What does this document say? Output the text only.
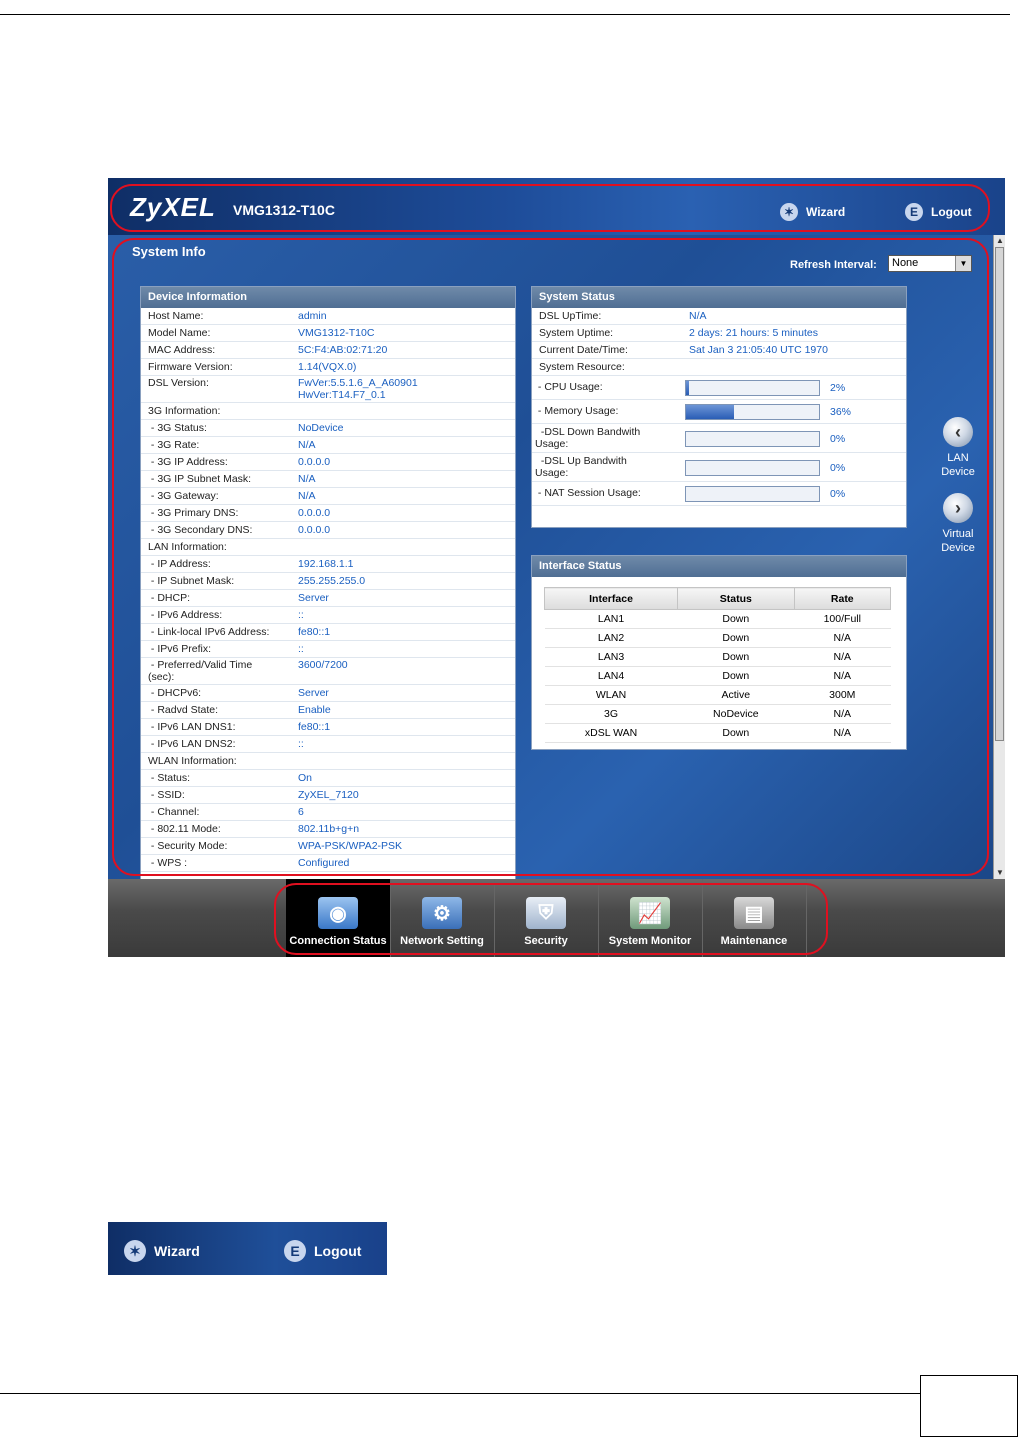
ZyXEL VMG1312-T10C	✶ Wizard	E	Logout
System Info
Refresh Interval: None	▼
Device Information
Host Name:	admin
Model Name:	VMG1312-T10C
MAC Address:	5C:F4:AB:02:71:20
Firmware Version:	1.14(VQX.0)
DSL Version:	FwVer:5.5.1.6_A_A60901
HwVer:T14.F7_0.1
3G Information:
- 3G Status:	NoDevice
- 3G Rate:	N/A
- 3G IP Address:	0.0.0.0
- 3G IP Subnet Mask:	N/A
- 3G Gateway:	N/A
- 3G Primary DNS:	0.0.0.0
- 3G Secondary DNS:	0.0.0.0
LAN Information:
- IP Address:	192.168.1.1
- IP Subnet Mask:	255.255.255.0
- DHCP:	Server
- IPv6 Address:	::
- Link-local IPv6 Address:	fe80::1
- IPv6 Prefix:	::
- Preferred/Valid Time
(sec):
3600/7200
- DHCPv6:	Server
- Radvd State:	Enable
- IPv6 LAN DNS1:	fe80::1
- IPv6 LAN DNS2:	::
WLAN Information:
- Status:	On
- SSID:	ZyXEL_7120
- Channel:	6
- 802.11 Mode:	802.11b+g+n
- Security Mode:	WPA-PSK/WPA2-PSK
- WPS :	Configured
System Status
DSL UpTime:	N/A
System Uptime:	2 days: 21 hours: 5 minutes
Current Date/Time:	Sat Jan 3 21:05:40 UTC 1970
System Resource:
- CPU Usage:	2%
- Memory Usage:	36%
-DSL Down Bandwith
Usage:	0%
-DSL Up Bandwith
Usage:	0%
- NAT Session Usage:	0%
Interface Status
Interface	Status	Rate
LAN1	Down	100/Full
LAN2	Down	N/A
LAN3	Down	N/A
LAN4	Down	N/A
WLAN	Active	300M
3G	NoDevice	N/A
xDSL WAN	Down	N/A
‹
LAN
Device
›
Virtual
Device
▲
▼
◉
Connection Status
⚙
Network Setting
⛨
Security
📈
System Monitor
▤
Maintenance
✶ Wizard	E	Logout
